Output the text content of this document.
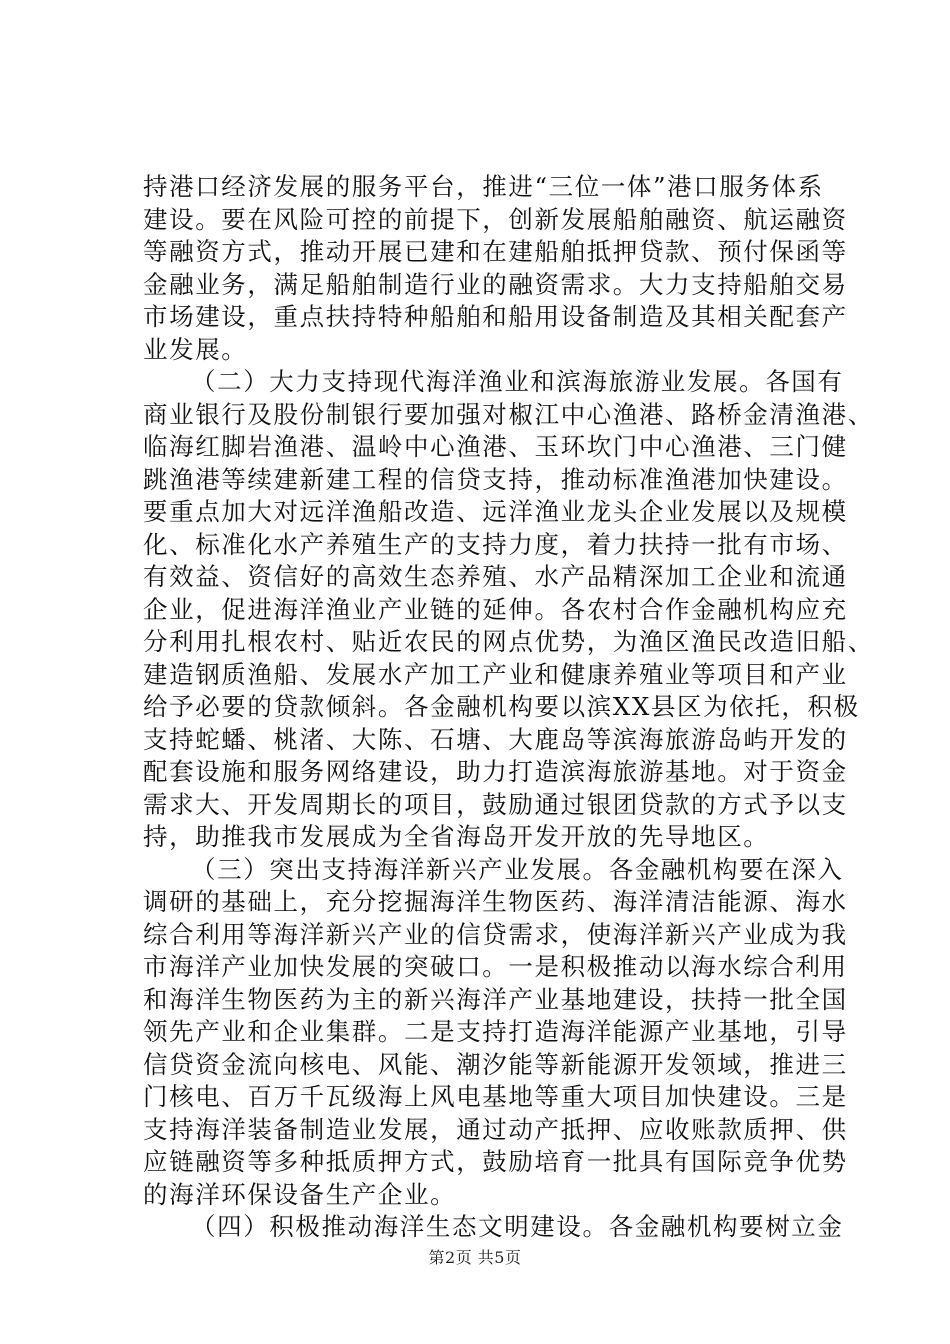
持港口经济发展的服务平台，推进“三位一体”港口服务体系
建设。要在风险可控的前提下，创新发展船舶融资、航运融资
等融资方式，推动开展已建和在建船舶抵押贷款、预付保函等
金融业务，满足船舶制造行业的融资需求。大力支持船舶交易
市场建设，重点扶持特种船舶和船用设备制造及其相关配套产
业发展。
（二）大力支持现代海洋渔业和滨海旅游业发展。各国有
商业银行及股份制银行要加强对椒江中心渔港、路桥金清渔港、
临海红脚岩渔港、温岭中心渔港、玉环坎门中心渔港、三门健
跳渔港等续建新建工程的信贷支持，推动标准渔港加快建设。
要重点加大对远洋渔船改造、远洋渔业龙头企业发展以及规模
化、标准化水产养殖生产的支持力度，着力扶持一批有市场、
有效益、资信好的高效生态养殖、水产品精深加工企业和流通
企业，促进海洋渔业产业链的延伸。各农村合作金融机构应充
分利用扎根农村、贴近农民的网点优势，为渔区渔民改造旧船、
建造钢质渔船、发展水产加工产业和健康养殖业等项目和产业
给予必要的贷款倾斜。各金融机构要以滨XX县区为依托，积极
支持蛇蟠、桃渚、大陈、石塘、大鹿岛等滨海旅游岛屿开发的
配套设施和服务网络建设，助力打造滨海旅游基地。对于资金
需求大、开发周期长的项目，鼓励通过银团贷款的方式予以支
持，助推我市发展成为全省海岛开发开放的先导地区。
（三）突出支持海洋新兴产业发展。各金融机构要在深入
调研的基础上，充分挖掘海洋生物医药、海洋清洁能源、海水
综合利用等海洋新兴产业的信贷需求，使海洋新兴产业成为我
市海洋产业加快发展的突破口。一是积极推动以海水综合利用
和海洋生物医药为主的新兴海洋产业基地建设，扶持一批全国
领先产业和企业集群。二是支持打造海洋能源产业基地，引导
信贷资金流向核电、风能、潮汐能等新能源开发领域，推进三
门核电、百万千瓦级海上风电基地等重大项目加快建设。三是
支持海洋装备制造业发展，通过动产抵押、应收账款质押、供
应链融资等多种抵质押方式，鼓励培育一批具有国际竞争优势
的海洋环保设备生产企业。
（四）积极推动海洋生态文明建设。各金融机构要树立金
第2页 共5页
